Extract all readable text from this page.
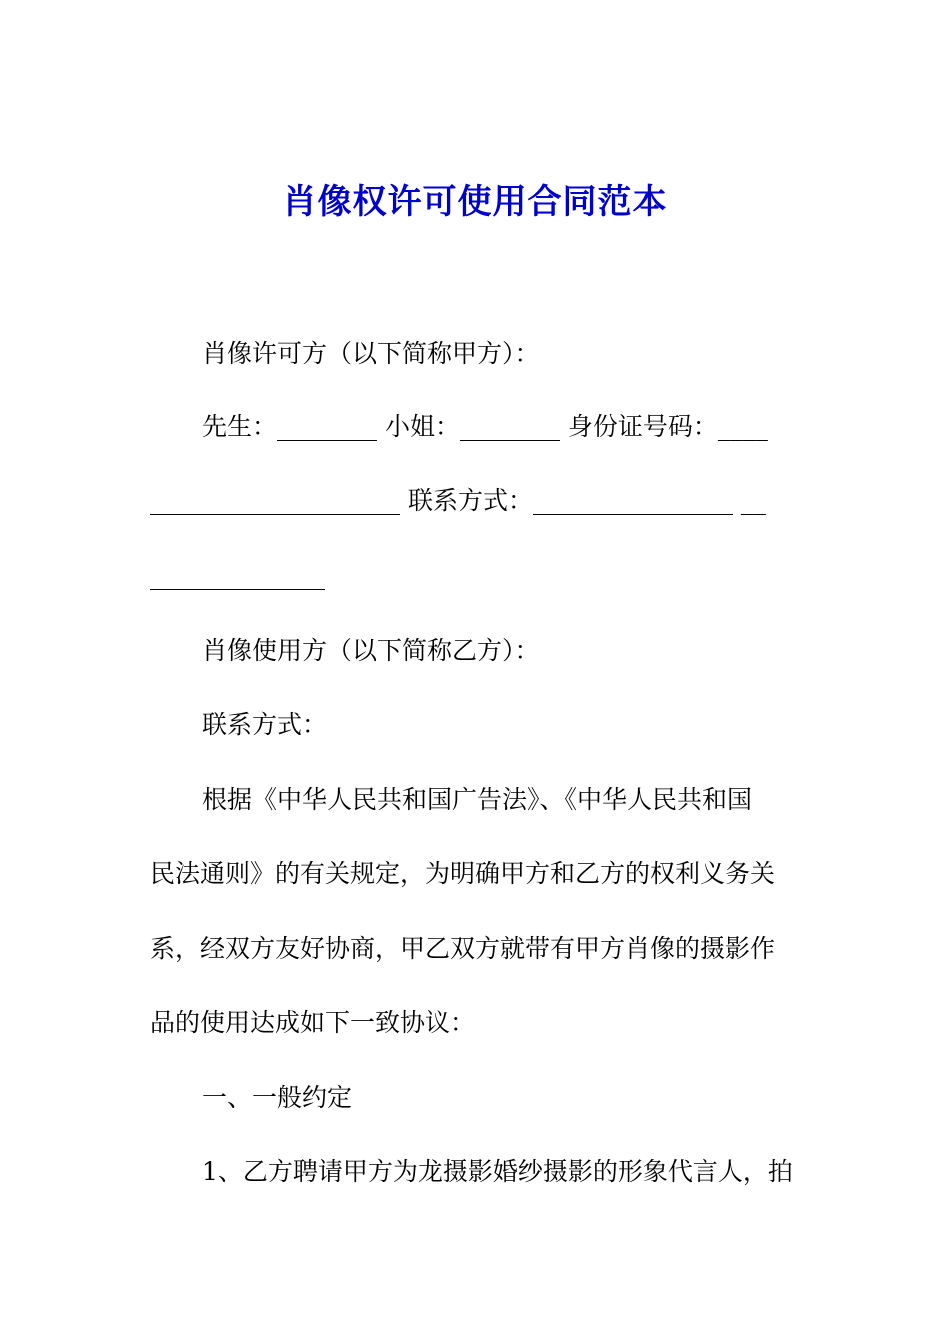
肖像权许可使用合同范本
肖像许可方（以下简称甲方）：
先生：________ 小姐：________ 身份证号码：____
____________________ 联系方式：________________ __
______________
肖像使用方（以下简称乙方）：
联系方式：
根据《中华人民共和国广告法》、《中华人民共和国
民法通则》的有关规定，为明确甲方和乙方的权利义务关
系，经双方友好协商，甲乙双方就带有甲方肖像的摄影作
品的使用达成如下一致协议：
一、一般约定
1、乙方聘请甲方为龙摄影婚纱摄影的形象代言人，拍
